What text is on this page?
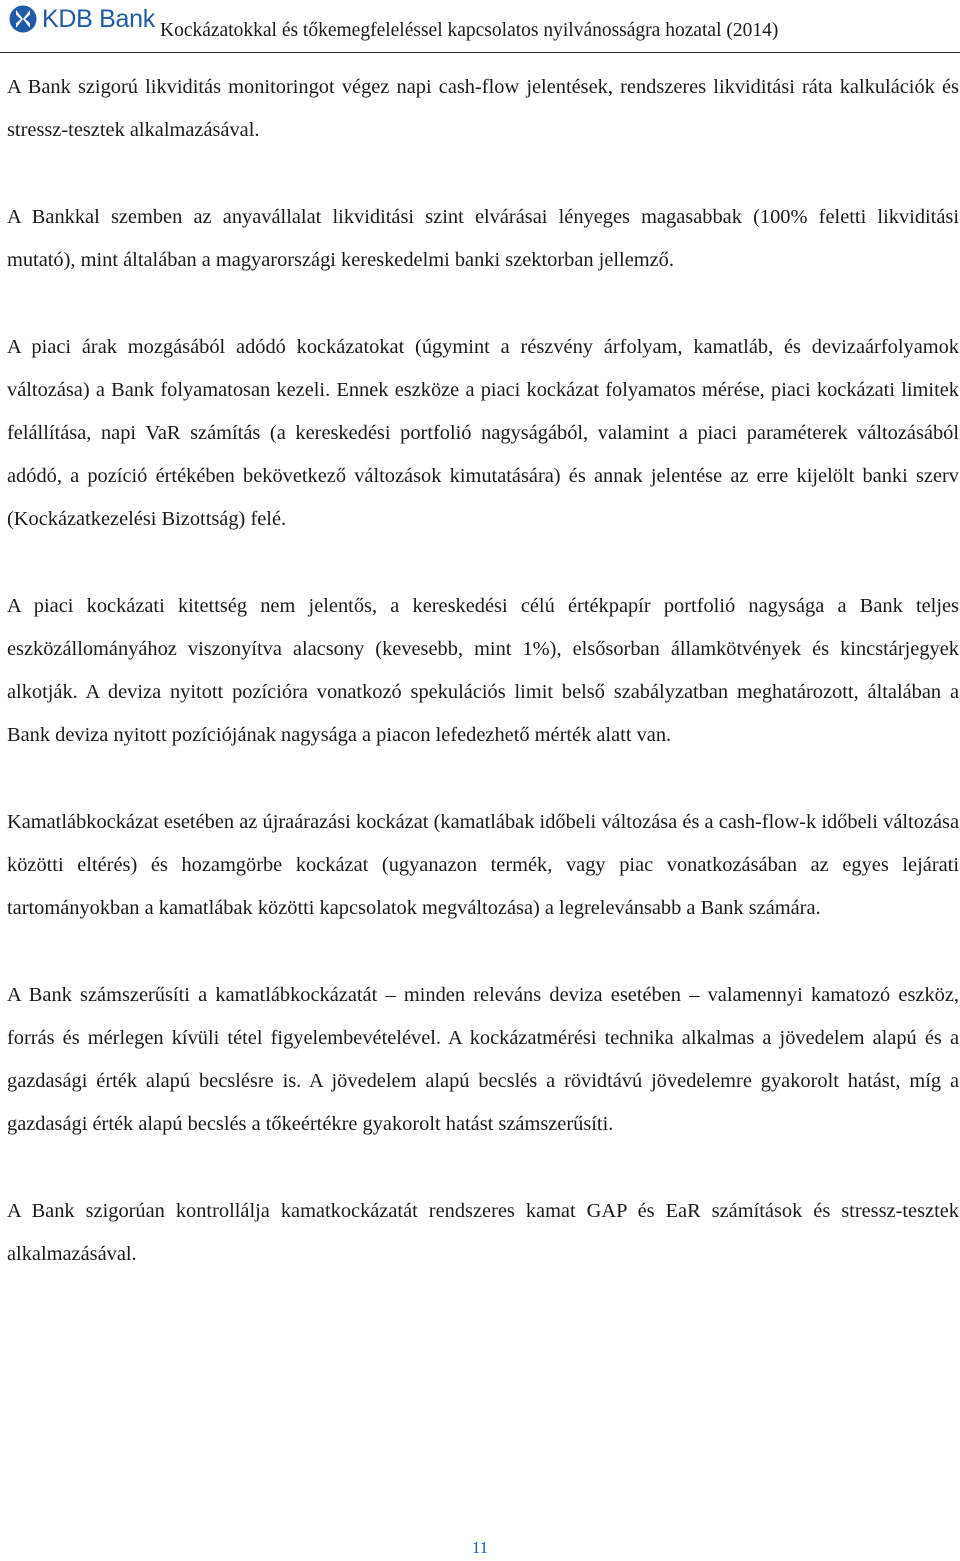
KDB Bank Kockázatokkal és tőkemegfeleléssel kapcsolatos nyilvánosságra hozatal (2014)

A Bank szigorú likviditás monitoringot végez napi cash-flow jelentések, rendszeres likviditási ráta kalkulációk és stressz-tesztek alkalmazásával.

A Bankkal szemben az anyavállalat likviditási szint elvárásai lényeges magasabbak (100% feletti likviditási mutató), mint általában a magyarországi kereskedelmi banki szektorban jellemző.

A piaci árak mozgásából adódó kockázatokat (úgymint a részvény árfolyam, kamatláb, és devizaárfolyamok változása) a Bank folyamatosan kezeli. Ennek eszköze a piaci kockázat folyamatos mérése, piaci kockázati limitek felállítása, napi VaR számítás (a kereskedési portfolió nagyságából, valamint a piaci paraméterek változásából adódó, a pozíció értékében bekövetkező változások kimutatására) és annak jelentése az erre kijelölt banki szerv (Kockázatkezelési Bizottság) felé.

A piaci kockázati kitettség nem jelentős, a kereskedési célú értékpapír portfolió nagysága a Bank teljes eszközállományához viszonyítva alacsony (kevesebb, mint 1%), elsősorban államkötvények és kincstárjegyek alkotják. A deviza nyitott pozícióra vonatkozó spekulációs limit belső szabályzatban meghatározott, általában a Bank deviza nyitott pozíciójának nagysága a piacon lefedezhető mérték alatt van.

Kamatlábkockázat esetében az újraárazási kockázat (kamatlábak időbeli változása és a cash-flow-k időbeli változása közötti eltérés) és hozamgörbe kockázat (ugyanazon termék, vagy piac vonatkozásában az egyes lejárati tartományokban a kamatlábak közötti kapcsolatok megváltozása) a legrelevánsabb a Bank számára.

A Bank számszerűsíti a kamatlábkockázatát – minden releváns deviza esetében – valamennyi kamatozó eszköz, forrás és mérlegen kívüli tétel figyelembevételével. A kockázatmérési technika alkalmas a jövedelem alapú és a gazdasági érték alapú becslésre is. A jövedelem alapú becslés a rövidtávú jövedelemre gyakorolt hatást, míg a gazdasági érték alapú becslés a tőkeértékre gyakorolt hatást számszerűsíti.

A Bank szigorúan kontrollálja kamatkockázatát rendszeres kamat GAP és EaR számítások és stressz-tesztek alkalmazásával.

11
